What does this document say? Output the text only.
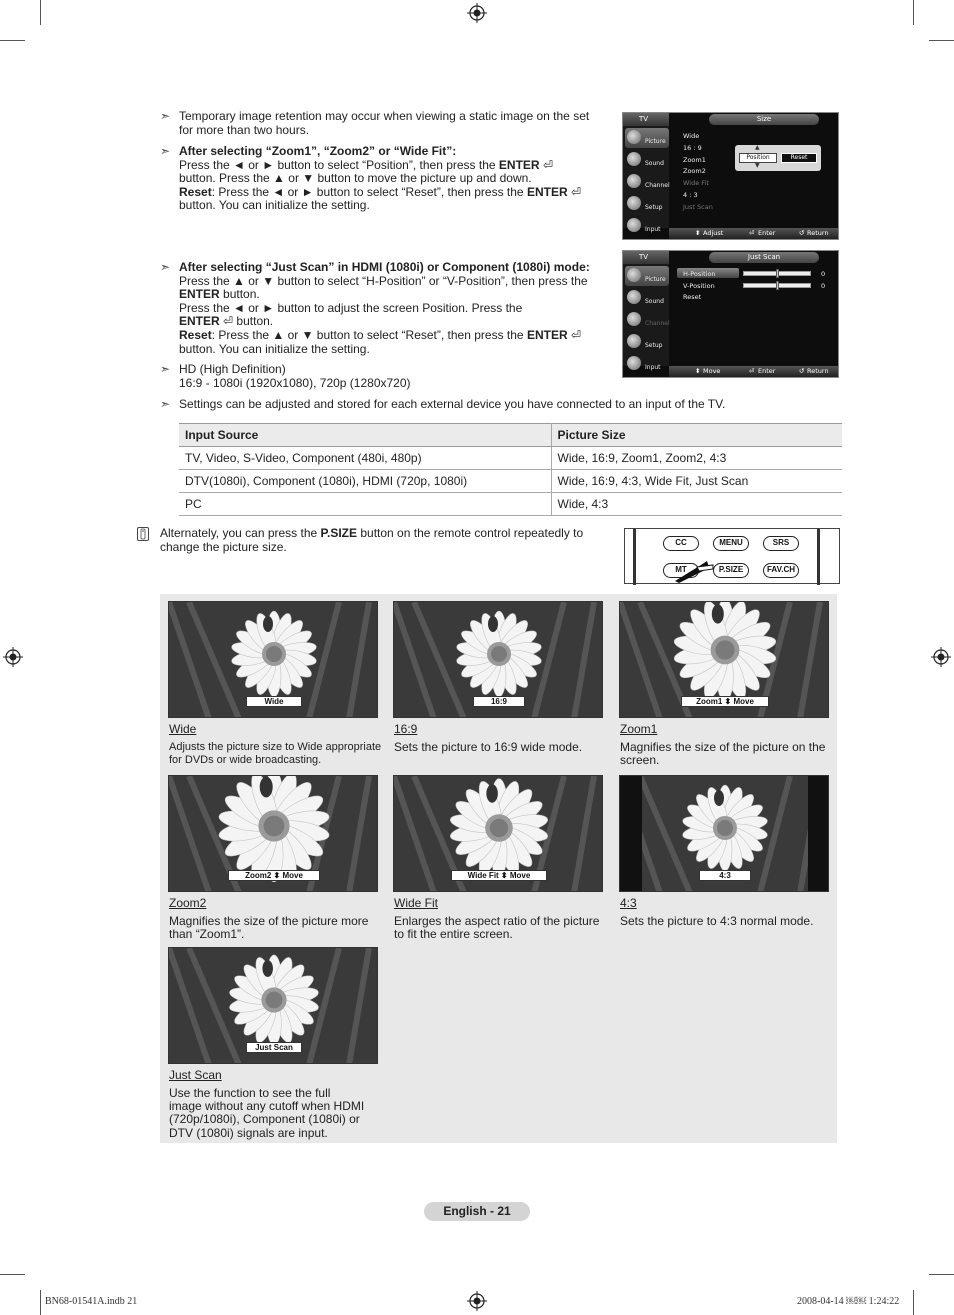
➣ Temporary image retention may occur when viewing a static image on the set

for more than two hours.

➣ After selecting “Zoom1”, “Zoom2” or “Wide Fit”:

Press the ◄ or ► button to select “Position”, then press the ENTER ⏎

button. Press the ▲ or ▼ button to move the picture up and down.

Reset: Press the ◄ or ► button to select “Reset”, then press the ENTER ⏎

button. You can initialize the setting.

➣ After selecting “Just Scan” in HDMI (1080i) or Component (1080i) mode:

Press the ▲ or ▼ button to select “H-Position” or “V-Position”, then press the

ENTER button.

Press the ◄ or ► button to adjust the screen Position. Press the

ENTER ⏎ button.

Reset: Press the ▲ or ▼ button to select “Reset”, then press the ENTER ⏎

button. You can initialize the setting.

➣ HD (High Definition)

16:9 - 1080i (1920x1080), 720p (1280x720)

➣ Settings can be adjusted and stored for each external device you have connected to an input of the TV.

TV	Size
Picture
Sound
Channel
Setup
Input
Wide
16 : 9
Zoom1
Zoom2
Wide Fit
4 : 3
Just Scan
▲
Position	Reset
▼
⬍ Adjust	⏎ Enter	↺ Return
TV	Just Scan
Picture
Sound
Channel
Setup
Input
H-Position
V-Position
Reset
0
0
⬍ Move	⏎ Enter	↺ Return
Input Source	Picture Size
TV, Video, S-Video, Component (480i, 480p)	Wide, 16:9, Zoom1, Zoom2, 4:3
DTV(1080i), Component (1080i), HDMI (720p, 1080i)	Wide, 16:9, 4:3, Wide Fit, Just Scan
PC	Wide, 4:3

Alternately, you can press the P.SIZE button on the remote control repeatedly to

change the picture size.	CC	MENU	SRS
MT	P.SIZE	FAV.CH
Wide
Wide
Adjusts the picture size to Wide appropriate
for DVDs or wide broadcasting.
16:9
16:9
Sets the picture to 16:9 wide mode.
Zoom1 ⬍ Move
Zoom1
Magnifies the size of the picture on the
screen.
Zoom2 ⬍ Move
Zoom2
Magnifies the size of the picture more
than “Zoom1”.
Wide Fit ⬍ Move
Wide Fit
Enlarges the aspect ratio of the picture
to fit the entire screen.
4:3
4:3
Sets the picture to 4:3 normal mode.
Just Scan
Just Scan
Use the function to see the full
image without any cutoff when HDMI
(720p/1080i), Component (1080i) or
DTV (1080i) signals are input.
English - 21
BN68-01541A.indb 21	2008-04-14 ￼￼ 1:24:22
